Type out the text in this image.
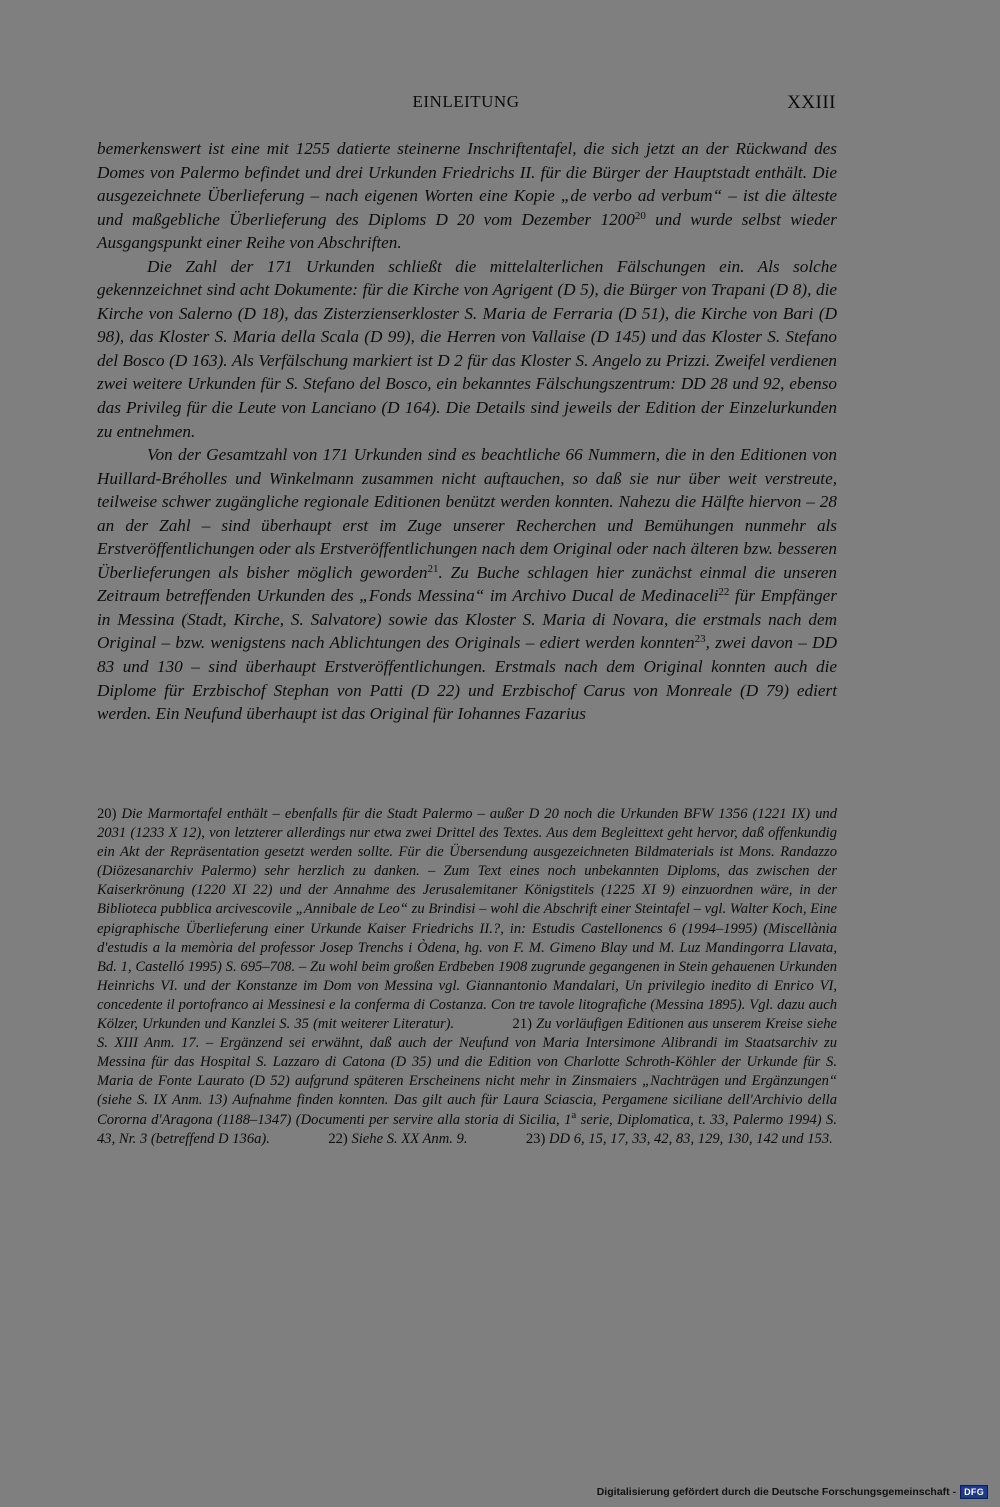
EINLEITUNG	XXIII

bemerkenswert ist eine mit 1255 datierte steinerne Inschriftentafel, die sich jetzt an der Rückwand des Domes von Palermo befindet und drei Urkunden Friedrichs II. für die Bürger der Hauptstadt enthält. Die ausgezeichnete Überlieferung – nach eigenen Worten eine Kopie „de verbo ad verbum“ – ist die älteste und maßgebliche Überlieferung des Diploms D 20 vom Dezember 1200$^{20}$ und wurde selbst wieder Ausgangspunkt einer Reihe von Abschriften.

Die Zahl der 171 Urkunden schließt die mittelalterlichen Fälschungen ein. Als solche gekennzeichnet sind acht Dokumente: für die Kirche von Agrigent (D 5), die Bürger von Trapani (D 8), die Kirche von Salerno (D 18), das Zisterzienserkloster S. Maria de Ferraria (D 51), die Kirche von Bari (D 98), das Kloster S. Maria della Scala (D 99), die Herren von Vallaise (D 145) und das Kloster S. Stefano del Bosco (D 163). Als Verfälschung markiert ist D 2 für das Kloster S. Angelo zu Prizzi. Zweifel verdienen zwei weitere Urkunden für S. Stefano del Bosco, ein bekanntes Fälschungszentrum: DD 28 und 92, ebenso das Privileg für die Leute von Lanciano (D 164). Die Details sind jeweils der Edition der Einzelurkunden zu entnehmen.

Von der Gesamtzahl von 171 Urkunden sind es beachtliche 66 Nummern, die in den Editionen von Huillard-Bréholles und Winkelmann zusammen nicht auftauchen, so daß sie nur über weit verstreute, teilweise schwer zugängliche regionale Editionen benützt werden konnten. Nahezu die Hälfte hiervon – 28 an der Zahl – sind überhaupt erst im Zuge unserer Recherchen und Bemühungen nunmehr als Erstveröffentlichungen oder als Erstveröffentlichungen nach dem Original oder nach älteren bzw. besseren Überlieferungen als bisher möglich geworden$^{21}$. Zu Buche schlagen hier zunächst einmal die unseren Zeitraum betreffenden Urkunden des „Fonds Messina“ im Archivo Ducal de Medinaceli$^{22}$ für Empfänger in Messina (Stadt, Kirche, S. Salvatore) sowie das Kloster S. Maria di Novara, die erstmals nach dem Original – bzw. wenigstens nach Ablichtungen des Originals – ediert werden konnten$^{23}$, zwei davon – DD 83 und 130 – sind überhaupt Erstveröffentlichungen. Erstmals nach dem Original konnten auch die Diplome für Erzbischof Stephan von Patti (D 22) und Erzbischof Carus von Monreale (D 79) ediert werden. Ein Neufund überhaupt ist das Original für Iohannes Fazarius

20) Die Marmortafel enthält – ebenfalls für die Stadt Palermo – außer D 20 noch die Urkunden BFW 1356 (1221 IX) und 2031 (1233 X 12), von letzterer allerdings nur etwa zwei Drittel des Textes. Aus dem Begleittext geht hervor, daß offenkundig ein Akt der Repräsentation gesetzt werden sollte. Für die Übersendung ausgezeichneten Bildmaterials ist Mons. Randazzo (Diözesanarchiv Palermo) sehr herzlich zu danken. – Zum Text eines noch unbekannten Diploms, das zwischen der Kaiserkrönung (1220 XI 22) und der Annahme des Jerusalemitaner Königstitels (1225 XI 9) einzuordnen wäre, in der Biblioteca pubblica arcivescovile „Annibale de Leo“ zu Brindisi – wohl die Abschrift einer Steintafel – vgl. Walter Koch, Eine epigraphische Überlieferung einer Urkunde Kaiser Friedrichs II.?, in: Estudis Castellonencs 6 (1994–1995) (Miscellània d'estudis a la memòria del professor Josep Trenchs i Òdena, hg. von F. M. Gimeno Blay und M. Luz Mandingorra Llavata, Bd. 1, Castelló 1995) S. 695–708. – Zu wohl beim großen Erdbeben 1908 zugrunde gegangenen in Stein gehauenen Urkunden Heinrichs VI. und der Konstanze im Dom von Messina vgl. Giannantonio Mandalari, Un privilegio inedito di Enrico VI, concedente il portofranco ai Messinesi e la conferma di Costanza. Con tre tavole litografiche (Messina 1895). Vgl. dazu auch Kölzer, Urkunden und Kanzlei S. 35 (mit weiterer Literatur).    	21) Zu vorläufigen Editionen aus unserem Kreise siehe S. XIII Anm. 17. – Ergänzend sei erwähnt, daß auch der Neufund von Maria Intersimone Alibrandi im Staatsarchiv zu Messina für das Hospital S. Lazzaro di Catona (D 35) und die Edition von Charlotte Schroth-Köhler der Urkunde für S. Maria de Fonte Laurato (D 52) aufgrund späteren Erscheinens nicht mehr in Zinsmaiers „Nachträgen und Ergänzungen“ (siehe S. IX Anm. 13) Aufnahme finden konnten. Das gilt auch für Laura Sciascia, Pergamene siciliane dell'Archivio della Cororna d'Aragona (1188–1347) (Documenti per servire alla storia di Sicilia, 1$^a$ serie, Diplomatica, t. 33, Palermo 1994) S. 43, Nr. 3 (betreffend D 136a).    	22) Siehe S. XX Anm. 9.    	23) DD 6, 15, 17, 33, 42, 83, 129, 130, 142 und 153.
Digitalisierung gefördert durch die Deutsche Forschungsgemeinschaft - DFG
